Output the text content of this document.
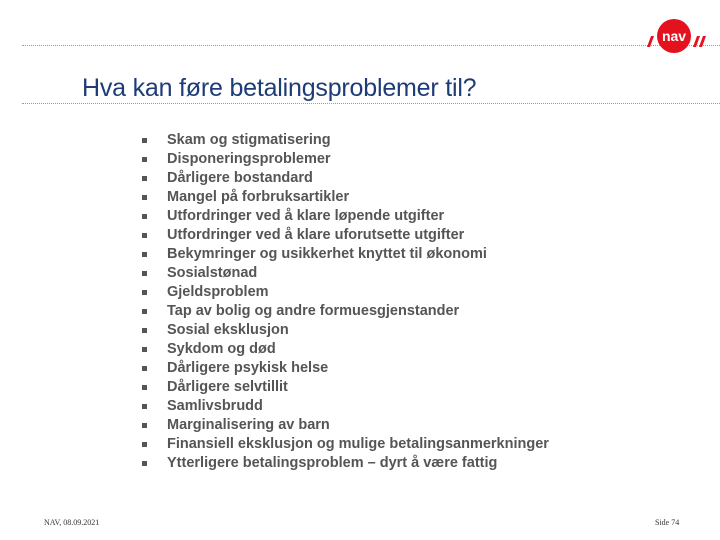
nav
Hva kan føre betalingsproblemer til?
Skam og stigmatisering
Disponeringsproblemer
Dårligere bostandard
Mangel på forbruksartikler
Utfordringer ved å klare løpende utgifter
Utfordringer ved å klare uforutsette utgifter
Bekymringer og usikkerhet knyttet til økonomi
Sosialstønad
Gjeldsproblem
Tap av bolig og andre formuesgjenstander
Sosial eksklusjon
Sykdom og død
Dårligere psykisk helse
Dårligere selvtillit
Samlivsbrudd
Marginalisering av barn
Finansiell eksklusjon og mulige betalingsanmerkninger
Ytterligere betalingsproblem – dyrt å være fattig
NAV, 08.09.2021	Side 74
